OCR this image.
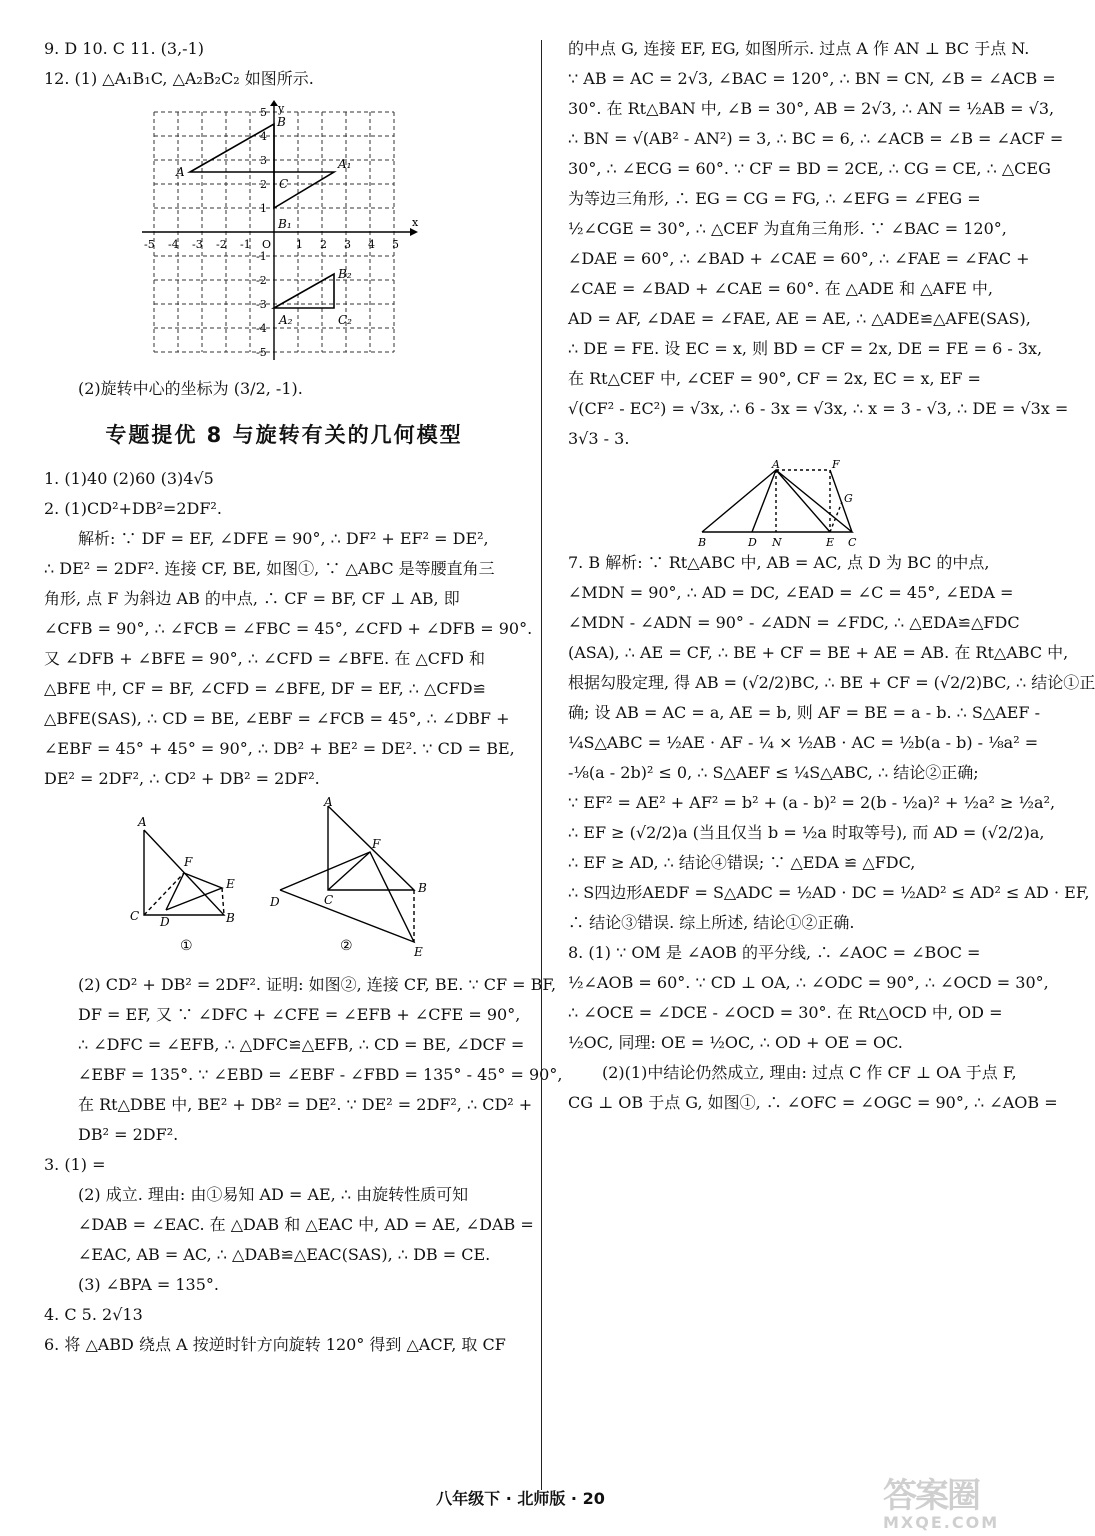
9. D 10. C 11. (3,-1)
12. (1) △A₁B₁C, △A₂B₂C₂ 如图所示.
x
y
-5 -4 -3 -2 -1 O 1 2 3 4 5
5
4
3
2
1
-1
-2
-3
-4
-5
A
B
C
A₁
B₁
A₂
B₂
C₂
(2)旋转中心的坐标为 (3/2, -1).
专题提优 8 与旋转有关的几何模型
1. (1)40 (2)60 (3)4√5
2. (1)CD²+DB²=2DF².
解析: ∵ DF = EF, ∠DFE = 90°, ∴ DF² + EF² = DE²,
∴ DE² = 2DF². 连接 CF, BE, 如图①, ∵ △ABC 是等腰直角三
角形, 点 F 为斜边 AB 的中点, ∴ CF = BF, CF ⊥ AB, 即
∠CFB = 90°, ∴ ∠FCB = ∠FBC = 45°, ∠CFD + ∠DFB = 90°.
又 ∠DFB + ∠BFE = 90°, ∴ ∠CFD = ∠BFE. 在 △CFD 和
△BFE 中, CF = BF, ∠CFD = ∠BFE, DF = EF, ∴ △CFD≌
△BFE(SAS), ∴ CD = BE, ∠EBF = ∠FCB = 45°, ∴ ∠DBF +
∠EBF = 45° + 45° = 90°, ∴ DB² + BE² = DE². ∵ CD = BE,
DE² = 2DF², ∴ CD² + DB² = 2DF².
A
F
E
C D	B
①
A
F
D	C
B
E
②
(2) CD² + DB² = 2DF². 证明: 如图②, 连接 CF, BE. ∵ CF = BF,
DF = EF, 又 ∵ ∠DFC + ∠CFE = ∠EFB + ∠CFE = 90°,
∴ ∠DFC = ∠EFB, ∴ △DFC≌△EFB, ∴ CD = BE, ∠DCF =
∠EBF = 135°. ∵ ∠EBD = ∠EBF - ∠FBD = 135° - 45° = 90°,
在 Rt△DBE 中, BE² + DB² = DE². ∵ DE² = 2DF², ∴ CD² +
DB² = 2DF².
3. (1) =
(2) 成立. 理由: 由①易知 AD = AE, ∴ 由旋转性质可知
∠DAB = ∠EAC. 在 △DAB 和 △EAC 中, AD = AE, ∠DAB =
∠EAC, AB = AC, ∴ △DAB≌△EAC(SAS), ∴ DB = CE.
(3) ∠BPA = 135°.
4. C 5. 2√13
6. 将 △ABD 绕点 A 按逆时针方向旋转 120° 得到 △ACF, 取 CF
的中点 G, 连接 EF, EG, 如图所示. 过点 A 作 AN ⊥ BC 于点 N.
∵ AB = AC = 2√3, ∠BAC = 120°, ∴ BN = CN, ∠B = ∠ACB =
30°. 在 Rt△BAN 中, ∠B = 30°, AB = 2√3, ∴ AN = ½AB = √3,
∴ BN = √(AB² - AN²) = 3, ∴ BC = 6, ∴ ∠ACB = ∠B = ∠ACF =
30°, ∴ ∠ECG = 60°. ∵ CF = BD = 2CE, ∴ CG = CE, ∴ △CEG
为等边三角形, ∴ EG = CG = FG, ∴ ∠EFG = ∠FEG =
½∠CGE = 30°, ∴ △CEF 为直角三角形. ∵ ∠BAC = 120°,
∠DAE = 60°, ∴ ∠BAD + ∠CAE = 60°, ∴ ∠FAE = ∠FAC +
∠CAE = ∠BAD + ∠CAE = 60°. 在 △ADE 和 △AFE 中,
AD = AF, ∠DAE = ∠FAE, AE = AE, ∴ △ADE≌△AFE(SAS),
∴ DE = FE. 设 EC = x, 则 BD = CF = 2x, DE = FE = 6 - 3x,
在 Rt△CEF 中, ∠CEF = 90°, CF = 2x, EC = x, EF =
√(CF² - EC²) = √3x, ∴ 6 - 3x = √3x, ∴ x = 3 - √3, ∴ DE = √3x =
3√3 - 3.
A	F
G
B	D N	E C
7. B 解析: ∵ Rt△ABC 中, AB = AC, 点 D 为 BC 的中点,
∠MDN = 90°, ∴ AD = DC, ∠EAD = ∠C = 45°, ∠EDA =
∠MDN - ∠ADN = 90° - ∠ADN = ∠FDC, ∴ △EDA≌△FDC
(ASA), ∴ AE = CF, ∴ BE + CF = BE + AE = AB. 在 Rt△ABC 中,
根据勾股定理, 得 AB = (√2/2)BC, ∴ BE + CF = (√2/2)BC, ∴ 结论①正
确; 设 AB = AC = a, AE = b, 则 AF = BE = a - b. ∴ S△AEF -
¼S△ABC = ½AE · AF - ¼ × ½AB · AC = ½b(a - b) - ⅛a² =
-⅛(a - 2b)² ≤ 0, ∴ S△AEF ≤ ¼S△ABC, ∴ 结论②正确;
∵ EF² = AE² + AF² = b² + (a - b)² = 2(b - ½a)² + ½a² ≥ ½a²,
∴ EF ≥ (√2/2)a (当且仅当 b = ½a 时取等号), 而 AD = (√2/2)a,
∴ EF ≥ AD, ∴ 结论④错误; ∵ △EDA ≌ △FDC,
∴ S四边形AEDF = S△ADC = ½AD · DC = ½AD² ≤ AD² ≤ AD · EF,
∴ 结论③错误. 综上所述, 结论①②正确.
8. (1) ∵ OM 是 ∠AOB 的平分线, ∴ ∠AOC = ∠BOC =
½∠AOB = 60°. ∵ CD ⊥ OA, ∴ ∠ODC = 90°, ∴ ∠OCD = 30°,
∴ ∠OCE = ∠DCE - ∠OCD = 30°. 在 Rt△OCD 中, OD =
½OC, 同理: OE = ½OC, ∴ OD + OE = OC.
(2)(1)中结论仍然成立, 理由: 过点 C 作 CF ⊥ OA 于点 F,
CG ⊥ OB 于点 G, 如图①, ∴ ∠OFC = ∠OGC = 90°, ∴ ∠AOB =
八年级下 · 北师版 · 20	答案圈
MXQE.COM
